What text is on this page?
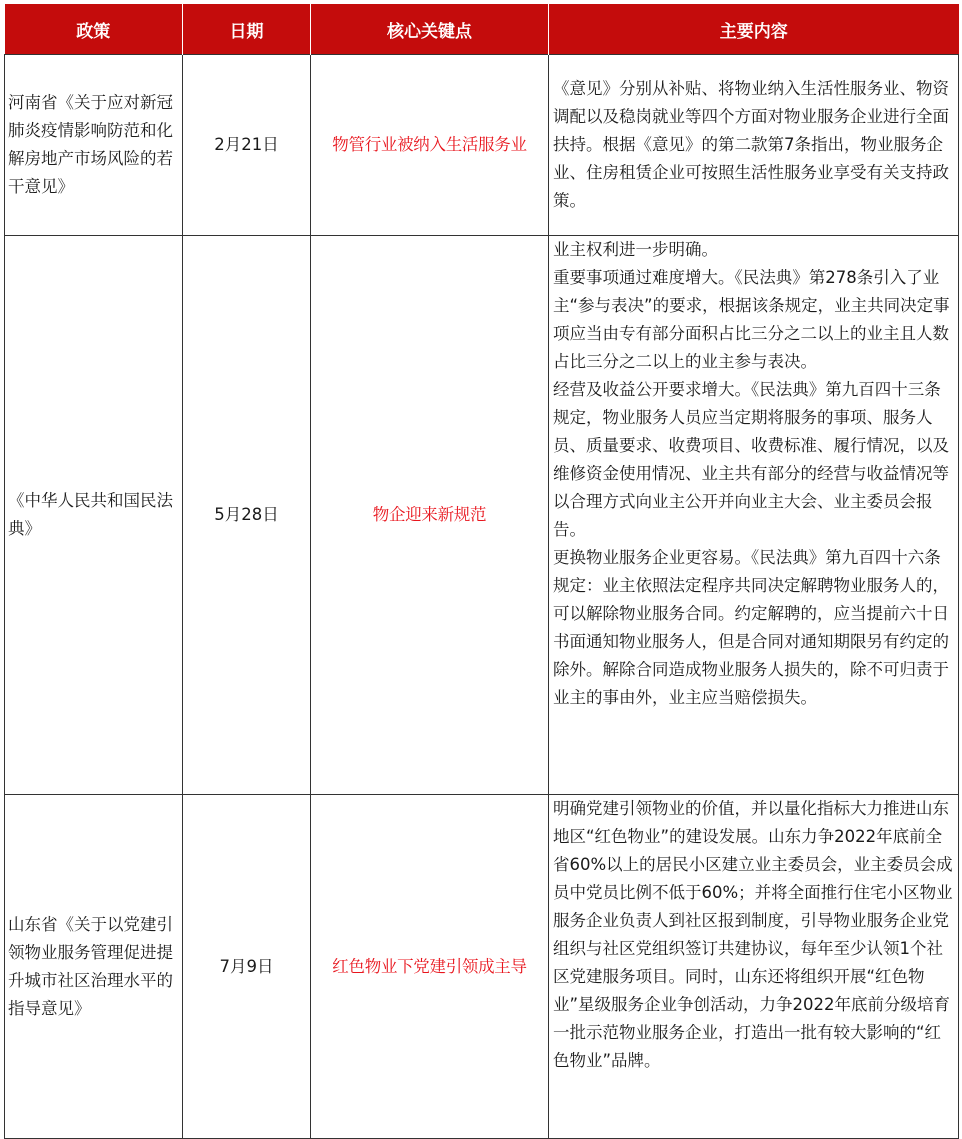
政策	日期	核心关键点	主要内容
河南省《关于应对新冠肺炎疫情影响防范和化解房地产市场风险的若干意见》	2月21日	物管行业被纳入生活服务业	《意见》分别从补贴、将物业纳入生活性服务业、物资调配以及稳岗就业等四个方面对物业服务企业进行全面扶持。根据《意见》的第二款第7条指出，物业服务企业、住房租赁企业可按照生活性服务业享受有关支持政策。

《中华人民共和国民法典》	5月28日	物企迎来新规范	业主权利进一步明确。
重要事项通过难度增大。《民法典》第278条引入了业主“参与表决”的要求，根据该条规定，业主共同决定事项应当由专有部分面积占比三分之二以上的业主且人数占比三分之二以上的业主参与表决。
经营及收益公开要求增大。《民法典》第九百四十三条规定，物业服务人员应当定期将服务的事项、服务人员、质量要求、收费项目、收费标准、履行情况，以及维修资金使用情况、业主共有部分的经营与收益情况等以合理方式向业主公开并向业主大会、业主委员会报告。
更换物业服务企业更容易。《民法典》第九百四十六条规定：业主依照法定程序共同决定解聘物业服务人的，可以解除物业服务合同。约定解聘的，应当提前六十日书面通知物业服务人，但是合同对通知期限另有约定的除外。解除合同造成物业服务人损失的，除不可归责于业主的事由外，业主应当赔偿损失。

山东省《关于以党建引领物业服务管理促进提升城市社区治理水平的指导意见》	7月9日	红色物业下党建引领成主导	明确党建引领物业的价值，并以量化指标大力推进山东地区“红色物业”的建设发展。山东力争2022年底前全省60%以上的居民小区建立业主委员会，业主委员会成员中党员比例不低于60%；并将全面推行住宅小区物业服务企业负责人到社区报到制度，引导物业服务企业党组织与社区党组织签订共建协议，每年至少认领1个社区党建服务项目。同时，山东还将组织开展“红色物业”星级服务企业争创活动，力争2022年底前分级培育一批示范物业服务企业，打造出一批有较大影响的“红色物业”品牌。
